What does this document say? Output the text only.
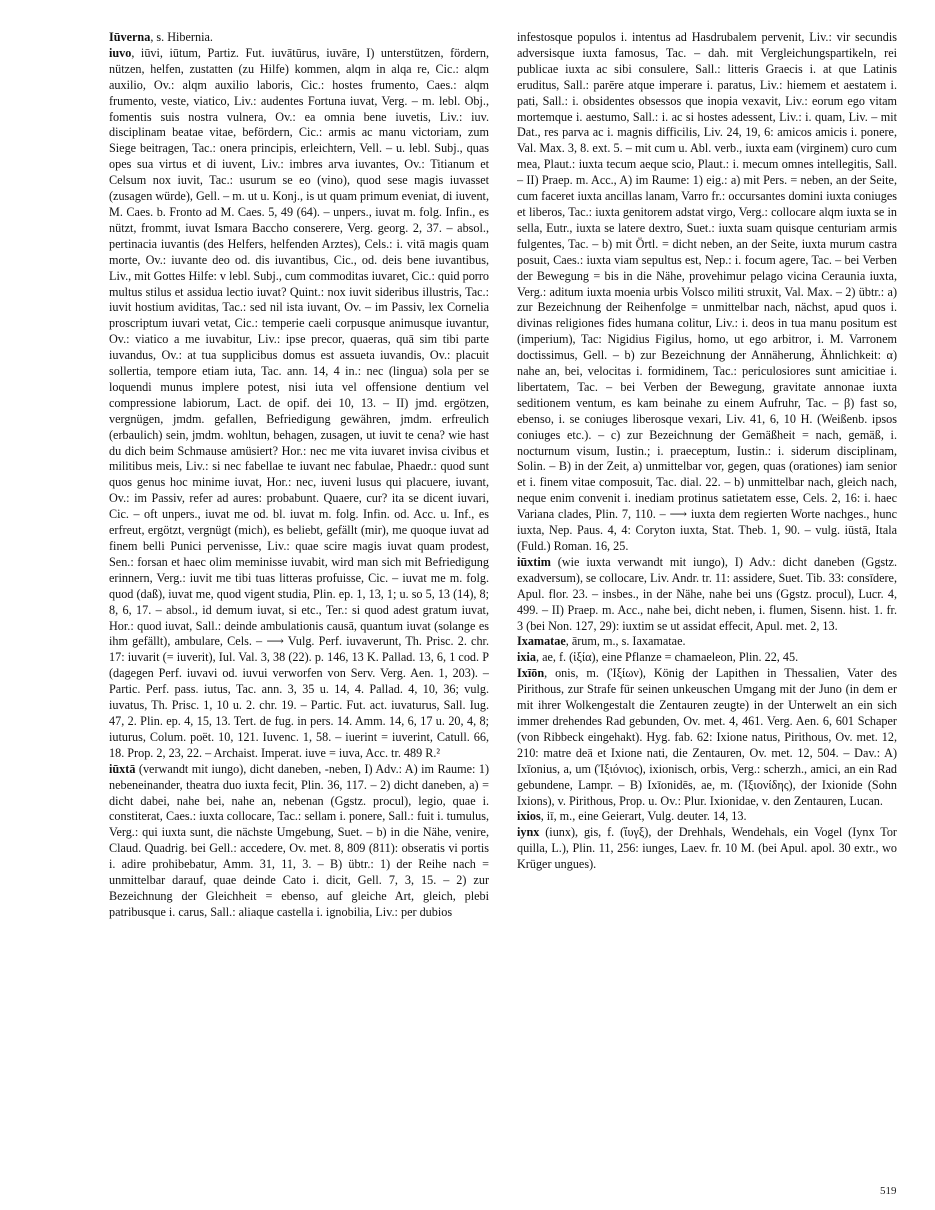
Iūverna, s. Hibernia.

iuvo, iūvi, iūtum, Partiz. Fut. iuvātūrus, iuvāre, I) unterstützen, fördern, nützen, helfen, zustatten (zu Hilfe) kommen, alqm in alqa re, Cic.: alqm auxilio, Ov.: alqm auxilio laboris, Cic.: hostes frumento, Caes.: alqm frumento, veste, viatico, Liv.: audentes Fortuna iuvat, Verg. – m. lebl. Obj., fomentis suis nostra vulnera, Ov.: ea omnia bene iuvetis, Liv.: iuv. disciplinam beatae vitae, befördern, Cic.: armis ac manu victoriam, zum Siege beitragen, Tac.: onera principis, erleichtern, Vell. – u. lebl. Subj., quas opes sua virtus et di iuvent, Liv.: imbres arva iuvantes, Ov.: Titianum et Celsum nox iuvit, Tac.: usurum se eo (vino), quod sese magis iuvasset (zusagen würde), Gell. – m. ut u. Konj., is ut quam primum eveniat, di iuvent, M. Caes. b. Fronto ad M. Caes. 5, 49 (64). – unpers., iuvat m. folg. Infin., es nützt, frommt, iuvat Ismara Baccho conserere, Verg. georg. 2, 37. – absol., pertinacia iuvantis (des Helfers, helfenden Arztes), Cels.: i. vitā magis quam morte, Ov.: iuvante deo od. dis iuvantibus, Cic., od. deis bene iuvantibus, Liv., mit Gottes Hilfe: v lebl. Subj., cum commoditas iuvaret, Cic.: quid porro multus stilus et assidua lectio iuvat? Quint.: nox iuvit sideribus illustris, Tac.: iuvit hostium aviditas, Tac.: sed nil ista iuvant, Ov. – im Passiv, lex Cornelia proscriptum iuvari vetat, Cic.: temperie caeli corpusque animusque iuvantur, Ov.: viatico a me iuvabitur, Liv.: ipse precor, quaeras, quā sim tibi parte iuvandus, Ov.: at tua supplicibus domus est assueta iuvandis, Ov.: placuit sollertia, tempore etiam iuta, Tac. ann. 14, 4 in.: nec (lingua) sola per se loquendi munus implere potest, nisi iuta vel offensione dentium vel compressione labiorum, Lact. de opif. dei 10, 13. – II) jmd. ergötzen, vergnügen, jmdm. gefallen, Befriedigung gewähren, jmdm. erfreulich (erbaulich) sein, jmdm. wohltun, behagen, zusagen, ut iuvit te cena? wie hast du dich beim Schmause amüsiert? Hor.: nec me vita iuvaret invisa civibus et militibus meis, Liv.: si nec fabellae te iuvant nec fabulae, Phaedr.: quod sunt quos genus hoc minime iuvat, Hor.: nec, iuveni lusus qui placuere, iuvant, Ov.: im Passiv, refer ad aures: probabunt. Quaere, cur? ita se dicent iuvari, Cic. – oft unpers., iuvat me od. bl. iuvat m. folg. Infin. od. Acc. u. Inf., es erfreut, ergötzt, vergnügt (mich), es beliebt, gefällt (mir), me quoque iuvat ad finem belli Punici pervenisse, Liv.: quae scire magis iuvat quam prodest, Sen.: forsan et haec olim meminisse iuvabit, wird man sich mit Befriedigung erinnern, Verg.: iuvit me tibi tuas litteras profuisse, Cic. – iuvat me m. folg. quod (daß), iuvat me, quod vigent studia, Plin. ep. 1, 13, 1; u. so 5, 13 (14), 8; 8, 6, 17. – absol., id demum iuvat, si etc., Ter.: si quod adest gratum iuvat, Hor.: quod iuvat, Sall.: deinde ambulationis causā, quantum iuvat (solange es ihm gefällt), ambulare, Cels. – ⟶ Vulg. Perf. iuvaverunt, Th. Prisc. 2. chr. 17: iuvarit (= iuverit), Iul. Val. 3, 38 (22). p. 146, 13 K. Pallad. 13, 6, 1 cod. P (dagegen Perf. iuvavi od. iuvui verworfen von Serv. Verg. Aen. 1, 203). – Partic. Perf. pass. iutus, Tac. ann. 3, 35 u. 14, 4. Pallad. 4, 10, 36; vulg. iuvatus, Th. Prisc. 1, 10 u. 2. chr. 19. – Partic. Fut. act. iuvaturus, Sall. Iug. 47, 2. Plin. ep. 4, 15, 13. Tert. de fug. in pers. 14. Amm. 14, 6, 17 u. 20, 4, 8; iuturus, Colum. poët. 10, 121. Iuvenc. 1, 58. – iuerint = iuverint, Catull. 66, 18. Prop. 2, 23, 22. – Archaist. Imperat. iuve = iuva, Acc. tr. 489 R.²

iūxtā (verwandt mit iungo), dicht daneben, -neben, I) Adv.: A) im Raume: 1) nebeneinander, theatra duo iuxta fecit, Plin. 36, 117. – 2) dicht daneben, a) = dicht dabei, nahe bei, nahe an, nebenan (Ggstz. procul), legio, quae i. constiterat, Caes.: iuxta collocare, Tac.: sellam i. ponere, Sall.: fuit i. tumulus, Verg.: qui iuxta sunt, die nächste Umgebung, Suet. – b) in die Nähe, venire, Claud. Quadrig. bei Gell.: accedere, Ov. met. 8, 809 (811): obseratis vi portis i. adire prohibebatur, Amm. 31, 11, 3. – B) übtr.: 1) der Reihe nach = unmittelbar darauf, quae deinde Cato i. dicit, Gell. 7, 3, 15. – 2) zur Bezeichnung der Gleichheit = ebenso, auf gleiche Art, gleich, plebi patribusque i. carus, Sall.: aliaque castella i. ignobilia, Liv.: per dubios

infestosque populos i. intentus ad Hasdrubalem pervenit, Liv.: vir secundis adversisque iuxta famosus, Tac. – dah. mit Vergleichungspartikeln, rei publicae iuxta ac sibi consulere, Sall.: litteris Graecis i. at que Latinis eruditus, Sall.: parēre atque imperare i. paratus, Liv.: hiemem et aestatem i. pati, Sall.: i. obsidentes obsessos que inopia vexavit, Liv.: eorum ego vitam mortemque i. aestumo, Sall.: i. ac si hostes adessent, Liv.: i. quam, Liv. – mit Dat., res parva ac i. magnis difficilis, Liv. 24, 19, 6: amicos amicis i. ponere, Val. Max. 3, 8. ext. 5. – mit cum u. Abl. verb., iuxta eam (virginem) curo cum mea, Plaut.: iuxta tecum aeque scio, Plaut.: i. mecum omnes intellegitis, Sall. – II) Praep. m. Acc., A) im Raume: 1) eig.: a) mit Pers. = neben, an der Seite, cum faceret iuxta ancillas lanam, Varro fr.: occursantes domini iuxta coniuges et liberos, Tac.: iuxta genitorem adstat virgo, Verg.: collocare alqm iuxta se in sella, Eutr., iuxta se latere dextro, Suet.: iuxta suam quisque centuriam armis fulgentes, Tac. – b) mit Örtl. = dicht neben, an der Seite, iuxta murum castra posuit, Caes.: iuxta viam sepultus est, Nep.: i. focum agere, Tac. – bei Verben der Bewegung = bis in die Nähe, provehimur pelago vicina Ceraunia iuxta, Verg.: aditum iuxta moenia urbis Volsco militi struxit, Val. Max. – 2) übtr.: a) zur Bezeichnung der Reihenfolge = unmittelbar nach, nächst, apud quos i. divinas religiones fides humana colitur, Liv.: i. deos in tua manu positum est (imperium), Tac: Nigidius Figilus, homo, ut ego arbitror, i. M. Varronem doctissimus, Gell. – b) zur Bezeichnung der Annäherung, Ähnlichkeit: α) nahe an, bei, velocitas i. formidinem, Tac.: periculosiores sunt amicitiae i. libertatem, Tac. – bei Verben der Bewegung, gravitate annonae iuxta seditionem ventum, es kam beinahe zu einem Aufruhr, Tac. – β) fast so, ebenso, i. se coniuges liberosque vexari, Liv. 41, 6, 10 H. (Weißenb. ipsos coniuges etc.). – c) zur Bezeichnung der Gemäßheit = nach, gemäß, i. nocturnum visum, Iustin.; i. praeceptum, Iustin.: i. siderum disciplinam, Solin. – B) in der Zeit, a) unmittelbar vor, gegen, quas (orationes) iam senior et i. finem vitae composuit, Tac. dial. 22. – b) unmittelbar nach, gleich nach, neque enim convenit i. inediam protinus satietatem esse, Cels. 2, 16: i. haec Variana clades, Plin. 7, 110. – ⟶ iuxta dem regierten Worte nachges., hunc iuxta, Nep. Paus. 4, 4: Coryton iuxta, Stat. Theb. 1, 90. – vulg. iūstā, Itala (Fuld.) Roman. 16, 25.

iūxtim (wie iuxta verwandt mit iungo), I) Adv.: dicht daneben (Ggstz. exadversum), se collocare, Liv. Andr. tr. 11: assidere, Suet. Tib. 33: consīdere, Apul. flor. 23. – insbes., in der Nähe, nahe bei uns (Ggstz. procul), Lucr. 4, 499. – II) Praep. m. Acc., nahe bei, dicht neben, i. flumen, Sisenn. hist. 1. fr. 3 (bei Non. 127, 29): iuxtim se ut assidat effecit, Apul. met. 2, 13.

Ixamatae, ārum, m., s. Iaxamatae.

ixia, ae, f. (ἰξία), eine Pflanze = chamaeleon, Plin. 22, 45.

Ixīōn, onis, m. (Ἰξίων), König der Lapithen in Thessalien, Vater des Pirithous, zur Strafe für seinen unkeuschen Umgang mit der Juno (in dem er mit ihrer Wolkengestalt die Zentauren zeugte) in der Unterwelt an ein sich immer drehendes Rad gebunden, Ov. met. 4, 461. Verg. Aen. 6, 601 Schaper (von Ribbeck eingehakt). Hyg. fab. 62: Ixione natus, Pirithous, Ov. met. 12, 210: matre deā et Ixione nati, die Zentauren, Ov. met. 12, 504. – Dav.: A) Ixīonius, a, um (Ἰξιόνιος), ixionisch, orbis, Verg.: scherzh., amici, an ein Rad gebundene, Lampr. – B) Ixīonidēs, ae, m. (Ἰξιονίδης), der Ixionide (Sohn Ixions), v. Pirithous, Prop. u. Ov.: Plur. Ixionidae, v. den Zentauren, Lucan.

ixios, iī, m., eine Geierart, Vulg. deuter. 14, 13.

iynx (iunx), gis, f. (ἴυγξ), der Drehhals, Wendehals, ein Vogel (Iynx Tor quilla, L.), Plin. 11, 256: iunges, Laev. fr. 10 M. (bei Apul. apol. 30 extr., wo Krüger ungues).

519
